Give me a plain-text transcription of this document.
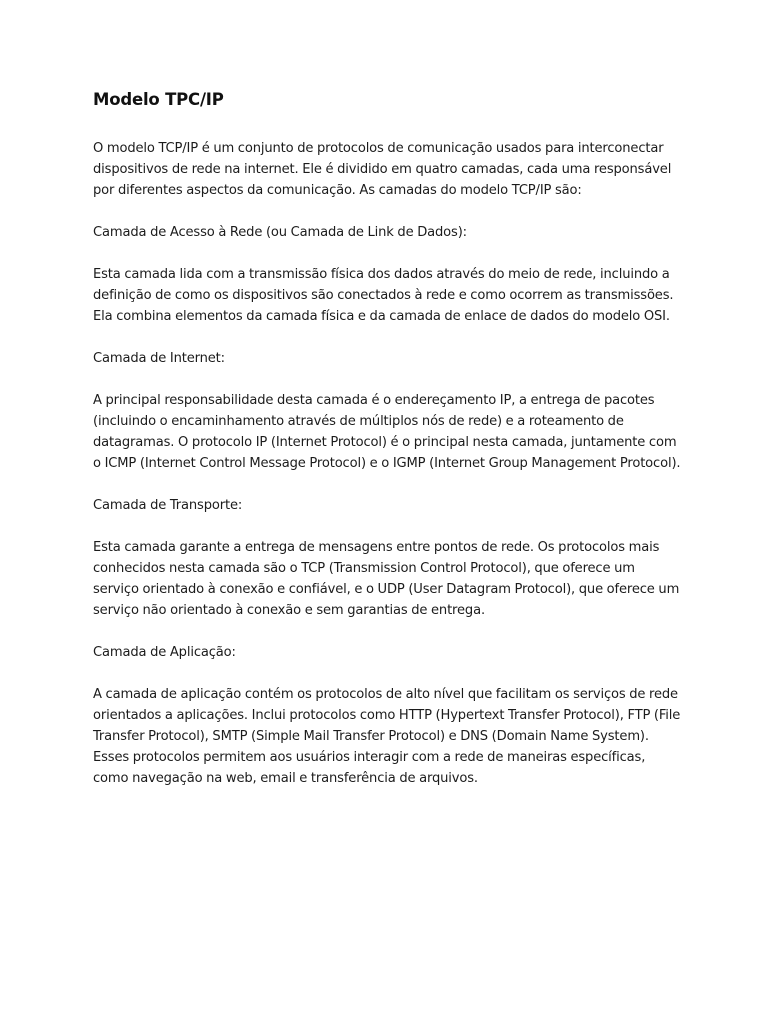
Modelo TPC/IP

O modelo TCP/IP é um conjunto de protocolos de comunicação usados para interconectar dispositivos de rede na internet. Ele é dividido em quatro camadas, cada uma responsável por diferentes aspectos da comunicação. As camadas do modelo TCP/IP são:

Camada de Acesso à Rede (ou Camada de Link de Dados):

Esta camada lida com a transmissão física dos dados através do meio de rede, incluindo a definição de como os dispositivos são conectados à rede e como ocorrem as transmissões. Ela combina elementos da camada física e da camada de enlace de dados do modelo OSI.

Camada de Internet:

A principal responsabilidade desta camada é o endereçamento IP, a entrega de pacotes (incluindo o encaminhamento através de múltiplos nós de rede) e a roteamento de datagramas. O protocolo IP (Internet Protocol) é o principal nesta camada, juntamente com o ICMP (Internet Control Message Protocol) e o IGMP (Internet Group Management Protocol).

Camada de Transporte:

Esta camada garante a entrega de mensagens entre pontos de rede. Os protocolos mais conhecidos nesta camada são o TCP (Transmission Control Protocol), que oferece um serviço orientado à conexão e confiável, e o UDP (User Datagram Protocol), que oferece um serviço não orientado à conexão e sem garantias de entrega.

Camada de Aplicação:

A camada de aplicação contém os protocolos de alto nível que facilitam os serviços de rede orientados a aplicações. Inclui protocolos como HTTP (Hypertext Transfer Protocol), FTP (File Transfer Protocol), SMTP (Simple Mail Transfer Protocol) e DNS (Domain Name System). Esses protocolos permitem aos usuários interagir com a rede de maneiras específicas, como navegação na web, email e transferência de arquivos.
